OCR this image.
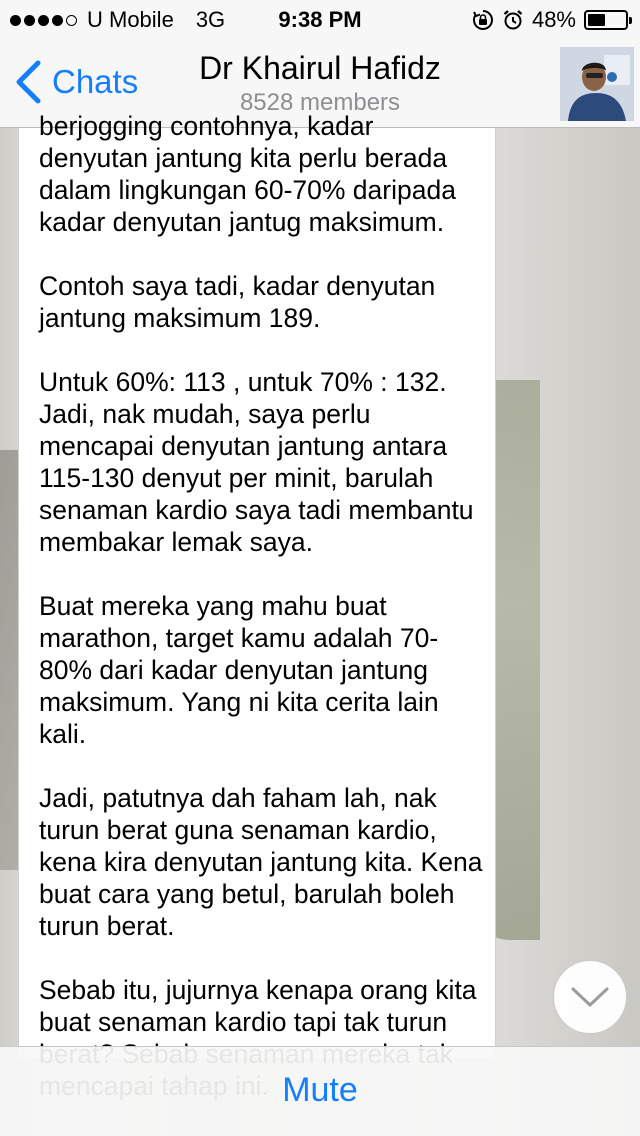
U Mobile 3G	9:38 PM	48%
Chats	Dr Khairul Hafidz
8528 members

berjogging contohnya, kadar denyutan jantung kita perlu berada dalam lingkungan 60-70% daripada kadar denyutan jantug maksimum.

Contoh saya tadi, kadar denyutan jantung maksimum 189.

Untuk 60%: 113 , untuk 70% : 132. Jadi, nak mudah, saya perlu mencapai denyutan jantung antara 115-130 denyut per minit, barulah senaman kardio saya tadi membantu membakar lemak saya.

Buat mereka yang mahu buat marathon, target kamu adalah 70-80% dari kadar denyutan jantung maksimum. Yang ni kita cerita lain kali.

Jadi, patutnya dah faham lah, nak turun berat guna senaman kardio, kena kira denyutan jantung kita. Kena buat cara yang betul, barulah boleh turun berat.

Sebab itu, jujurnya kenapa orang kita buat senaman kardio tapi tak turun

Mute
